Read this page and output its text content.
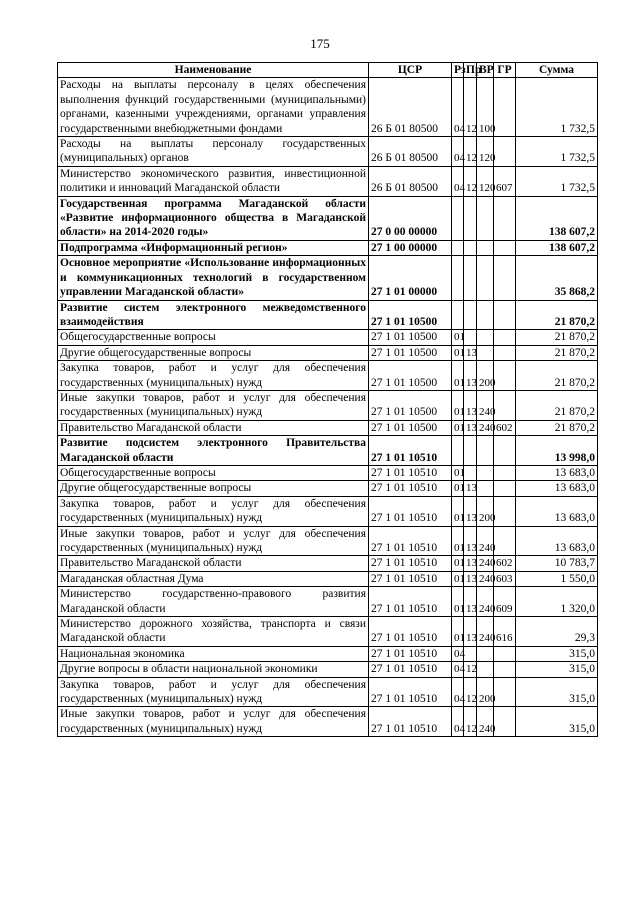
175
Наименование	ЦСР	Рз	Пр	ВР	ГР	Сумма
Расходы на выплаты персоналу в целях обеспечения выполнения функций государственными (муниципальными) органами, казенными учреждениями, органами управления государственными внебюджетными фондами	26 Б 01 80500	04	12	100		1 732,5
Расходы на выплаты персоналу государственных (муниципальных) органов	26 Б 01 80500	04	12	120		1 732,5
Министерство экономического развития, инвестиционной политики и инноваций Магаданской области	26 Б 01 80500	04	12	120	607	1 732,5
Государственная программа Магаданской области «Развитие информационного общества в Магаданской области» на 2014-2020 годы»	27 0 00 00000					138 607,2
Подпрограмма «Информационный регион»	27 1 00 00000					138 607,2
Основное мероприятие «Использование информационных и коммуникационных технологий в государственном управлении Магаданской области»	27 1 01 00000					35 868,2
Развитие систем электронного межведомственного взаимодействия	27 1 01 10500					21 870,2
Общегосударственные вопросы	27 1 01 10500	01				21 870,2
Другие общегосударственные вопросы	27 1 01 10500	01	13			21 870,2
Закупка товаров, работ и услуг для обеспечения государственных (муниципальных) нужд	27 1 01 10500	01	13	200		21 870,2
Иные закупки товаров, работ и услуг для обеспечения государственных (муниципальных) нужд	27 1 01 10500	01	13	240		21 870,2
Правительство Магаданской области	27 1 01 10500	01	13	240	602	21 870,2
Развитие подсистем электронного Правительства Магаданской области	27 1 01 10510					13 998,0
Общегосударственные вопросы	27 1 01 10510	01				13 683,0
Другие общегосударственные вопросы	27 1 01 10510	01	13			13 683,0
Закупка товаров, работ и услуг для обеспечения государственных (муниципальных) нужд	27 1 01 10510	01	13	200		13 683,0
Иные закупки товаров, работ и услуг для обеспечения государственных (муниципальных) нужд	27 1 01 10510	01	13	240		13 683,0
Правительство Магаданской области	27 1 01 10510	01	13	240	602	10 783,7
Магаданская областная Дума	27 1 01 10510	01	13	240	603	1 550,0
Министерство государственно-правового развития Магаданской области	27 1 01 10510	01	13	240	609	1 320,0
Министерство дорожного хозяйства, транспорта и связи Магаданской области	27 1 01 10510	01	13	240	616	29,3
Национальная экономика	27 1 01 10510	04				315,0
Другие вопросы в области национальной экономики	27 1 01 10510	04	12			315,0
Закупка товаров, работ и услуг для обеспечения государственных (муниципальных) нужд	27 1 01 10510	04	12	200		315,0
Иные закупки товаров, работ и услуг для обеспечения государственных (муниципальных) нужд	27 1 01 10510	04	12	240		315,0
